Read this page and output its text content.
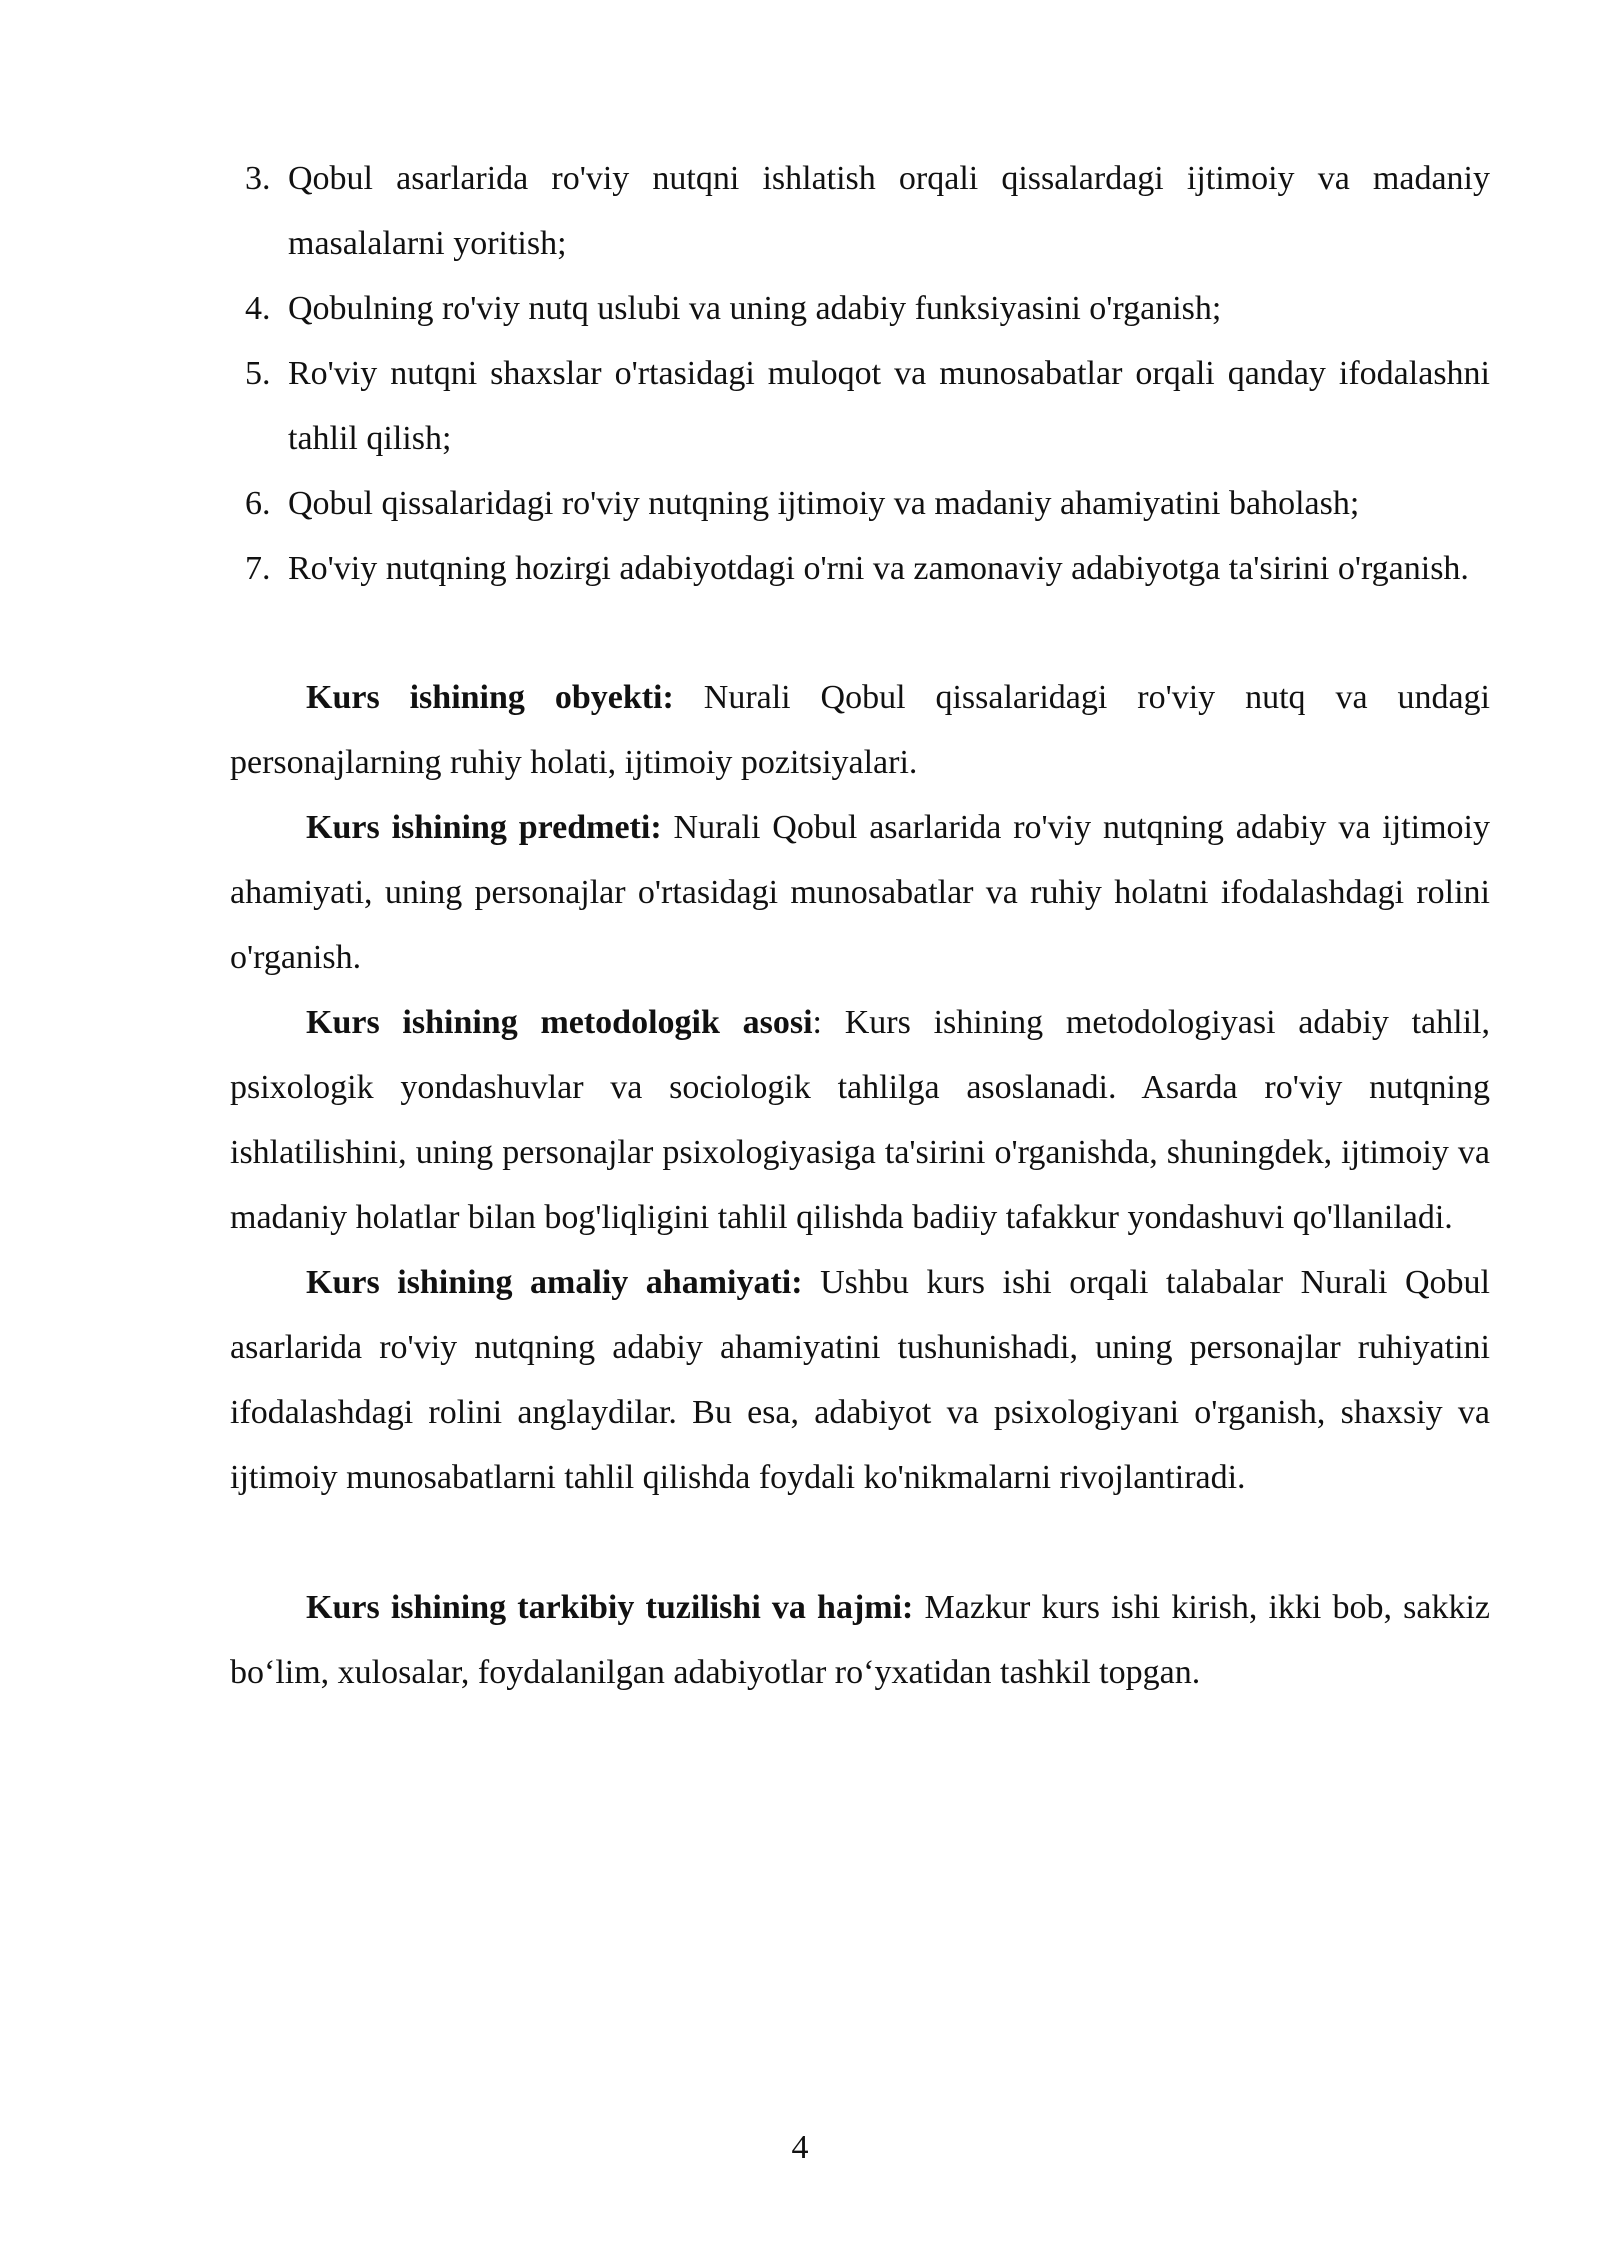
3. Qobul asarlarida ro'viy nutqni ishlatish orqali qissalardagi ijtimoiy va madaniy masalalarni yoritish;
4. Qobulning ro'viy nutq uslubi va uning adabiy funksiyasini o'rganish;
5. Ro'viy nutqni shaxslar o'rtasidagi muloqot va munosabatlar orqali qanday ifodalashni tahlil qilish;
6. Qobul qissalaridagi ro'viy nutqning ijtimoiy va madaniy ahamiyatini baholash;
7. Ro'viy nutqning hozirgi adabiyotdagi o'rni va zamonaviy adabiyotga ta'sirini o'rganish.

Kurs ishining obyekti: Nurali Qobul qissalaridagi ro'viy nutq va undagi personajlarning ruhiy holati, ijtimoiy pozitsiyalari.

Kurs ishining predmeti: Nurali Qobul asarlarida ro'viy nutqning adabiy va ijtimoiy ahamiyati, uning personajlar o'rtasidagi munosabatlar va ruhiy holatni ifodalashdagi rolini o'rganish.

Kurs ishining metodologik asosi: Kurs ishining metodologiyasi adabiy tahlil, psixologik yondashuvlar va sociologik tahlilga asoslanadi. Asarda ro'viy nutqning ishlatilishini, uning personajlar psixologiyasiga ta'sirini o'rganishda, shuningdek, ijtimoiy va madaniy holatlar bilan bog'liqligini tahlil qilishda badiiy tafakkur yondashuvi qo'llaniladi.

Kurs ishining amaliy ahamiyati: Ushbu kurs ishi orqali talabalar Nurali Qobul asarlarida ro'viy nutqning adabiy ahamiyatini tushunishadi, uning personajlar ruhiyatini ifodalashdagi rolini anglaydilar. Bu esa, adabiyot va psixologiyani o'rganish, shaxsiy va ijtimoiy munosabatlarni tahlil qilishda foydali ko'nikmalarni rivojlantiradi.

Kurs ishining tarkibiy tuzilishi va hajmi: Mazkur kurs ishi kirish, ikki bob, sakkiz bo‘lim, xulosalar, foydalanilgan adabiyotlar ro‘yxatidan tashkil topgan.

4
